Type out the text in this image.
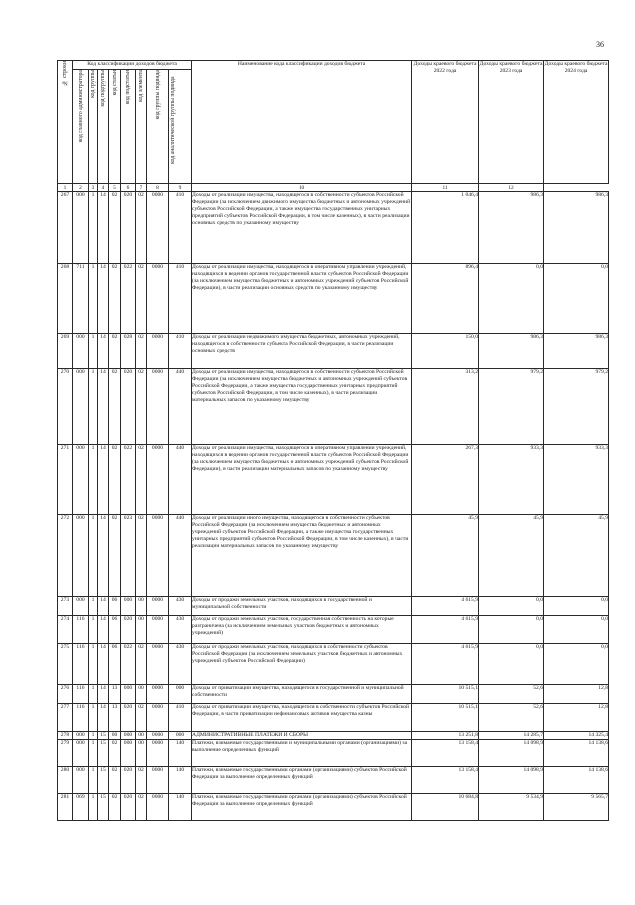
36
№ строки	Код классификации доходов бюджета								Наименование кода классификации доходов бюджета	Доходы краевого бюджета 2022 года	Доходы краевого бюджета 2023 года	Доходы краевого бюджета 2024 года
	код главного администратора	код группы	код подгруппы	код статьи	код подстатьи	код элемента	код группы подвида	код аналитической группы подвида				
1	2	3	4	5	6	7	8	9	10	11	12	
267	000	1	14	02	020	02	0000	410	Доходы от реализации имущества, находящегося в собственности субъектов Российской Федерации (за исключением движимого имущества бюджетных и автономных учреждений субъектов Российской Федерации, а также имущества государственных унитарных предприятий субъектов Российской Федерации, в том числе казенных), в части реализации основных средств по указанному имуществу	1 046,4	986,3	986,3
268	711	1	14	02	022	02	0000	410	Доходы от реализации имущества, находящегося в оперативном управлении учреждений, находящихся в ведении органов государственной власти субъектов Российской Федерации (за исключением имущества бюджетных и автономных учреждений субъектов Российской Федерации), в части реализации основных средств по указанному имуществу	896,4	0,0	0,0
269	000	1	14	02	028	02	0000	410	Доходы от реализации недвижимого имущества бюджетных, автономных учреждений, находящегося в собственности субъекта Российской Федерации, в части реализации основных средств	150,0	986,3	986,3
270	000	1	14	02	020	02	0000	440	Доходы от реализации имущества, находящегося в собственности субъектов Российской Федерации (за исключением имущества бюджетных и автономных учреждений субъектов Российской Федерации, а также имущества государственных унитарных предприятий субъектов Российской Федерации, в том числе казенных), в части реализации материальных запасов по указанному имуществу	313,2	979,2	979,2
271	000	1	14	02	022	02	0000	440	Доходы от реализации имущества, находящегося в оперативном управлении учреждений, находящихся в ведении органов государственной власти субъектов Российской Федерации (за исключением имущества бюджетных и автономных учреждений субъектов Российской Федерации), в части реализации материальных запасов по указанному имуществу	267,3	933,3	933,3
272	000	1	14	02	023	02	0000	440	Доходы от реализации иного имущества, находящегося в собственности субъектов Российской Федерации (за исключением имущества бюджетных и автономных учреждений субъектов Российской Федерации, а также имущества государственных унитарных предприятий субъектов Российской Федерации, в том числе казенных), в части реализации материальных запасов по указанному имуществу	45,9	45,9	45,9
273	000	1	14	06	000	00	0000	430	Доходы от продажи земельных участков, находящихся в государственной и муниципальной собственности	4 615,9	0,0	0,0
274	116	1	14	06	020	00	0000	430	Доходы от продажи земельных участков, государственная собственность на которые разграничена (за исключением земельных участков бюджетных и автономных учреждений)	4 615,9	0,0	0,0
275	116	1	14	06	022	02	0000	430	Доходы от продажи земельных участков, находящихся в собственности субъектов Российской Федерации (за исключением земельных участков бюджетных и автономных учреждений субъектов Российской Федерации)	4 615,9	0,0	0,0
276	116	1	14	13	000	00	0000	000	Доходы от приватизации имущества, находящегося в государственной и муниципальной собственности	10 515,1	52,6	12,8
277	116	1	14	13	020	02	0000	410	Доходы от приватизации имущества, находящегося в собственности субъектов Российской Федерации, в части приватизации нефинансовых активов имущества казны	10 515,1	52,6	12,8
278	000	1	15	00	000	00	0000	000	АДМИНИСТРАТИВНЫЕ ПЛАТЕЖИ И СБОРЫ	13 251,8	14 285,7	14 325,4
279	000	1	15	02	000	00	0000	140	Платежи, взимаемые государственными и муниципальными органами (организациями) за выполнение определенных функций	13 158,4	14 098,9	14 138,6
280	000	1	15	02	020	02	0000	140	Платежи, взимаемые государственными органами (организациями) субъектов Российской Федерации за выполнение определенных функций	13 158,4	14 098,9	14 138,6
281	069	1	15	02	020	02	0000	140	Платежи, взимаемые государственными органами (организациями) субъектов Российской Федерации за выполнение определенных функций	10 684,8	9 534,9	9 565,7
